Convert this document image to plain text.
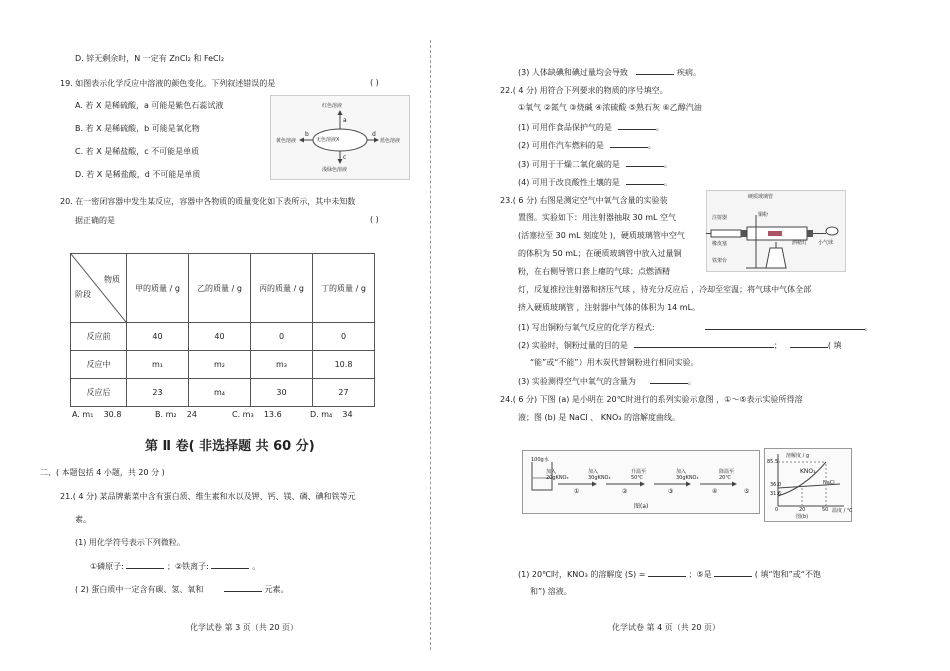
D. 锌无剩余时，N 一定有 ZnCl₂ 和 FeCl₂
19. 如图表示化学反应中溶液的颜色变化。下列叙述错误的是	( )
A. 若 X 是稀硫酸，a 可能是紫色石蕊试液
B. 若 X 是稀硫酸，b 可能是氧化物
C. 若 X 是稀盐酸，c 不可能是单质
D. 若 X 是稀盐酸，d 不可能是单质
无色溶液X
红色溶液
黄色溶液	蓝色溶液
浅绿色溶液
a
b
c
d
20. 在一密闭容器中发生某反应，容器中各物质的质量变化如下表所示，其中未知数
据正确的是	( )
物质
阶段	甲的质量 / g	乙的质量 / g	丙的质量 / g	丁的质量 / g
反应前	40	40	0	0
反应中	m₁	m₂	m₃	10.8
反应后	23	m₄	30	27
A. m₁ 30.8	B. m₂ 24	C. m₃ 13.6	D. m₄ 34
第 Ⅱ 卷( 非选择题 共 60 分)
二、( 本题包括 4 小题，共 20 分 )
21.( 4 分) 某品牌紫菜中含有蛋白质、维生素和水以及钾、钙、镁、磷、碘和铁等元
素。
(1) 用化学符号表示下列微粒。
①磷原子:	；②铁离子:	。
( 2) 蛋白质中一定含有碳、氢、氧和	元素。
化学试卷 第 3 页（共 20 页）
(3) 人体缺碘和碘过量均会导致	疾病。
22.( 4 分) 用符合下列要求的物质的序号填空。
①氧气 ②氮气 ③烧碱 ④浓硫酸 ⑤熟石灰 ⑥乙醇汽油
(1) 可用作食品保护气的是	。
(2) 可用作汽车燃料的是	。
(3) 可用于干燥二氧化碳的是	。
(4) 可用于改良酸性土壤的是	。
23.( 6 分) 右图是测定空气中氧气含量的实验装
置图。实验如下：用注射器抽取 30 mL 空气
(活塞拉至 30 mL 刻度处 )，硬质玻璃管中空气
的体积为 50 mL；在硬质玻璃管中放入过量铜
粉，在右侧导管口套上瘪的气球；点燃酒精
灯，反复推拉注射器和挤压气球 ，待充分反应后 ，冷却至室温；将气球中气体全部
挤入硬质玻璃管 ，注射器中气体的体积为 14 mL。
硬质玻璃管
铜粉
注射器
橡皮塞	酒精灯 小气球
铁架台
(1) 写出铜粉与氧气反应的化学方程式:	。
(2) 实验时，铜粉过量的目的是	；	( 填
“能”或“不能”）用木炭代替铜粉进行相同实验。
(3) 实验测得空气中氧气的含量为	。
24.( 6 分) 下图 (a) 是小明在 20℃时进行的系列实验示意图 ，①～⑤表示实验所得溶
液；图 (b) 是 NaCl 、 KNO₃ 的溶解度曲线。
100g水
加入
20gKNO₃
加入
30gKNO₃
升温至
50℃
加入
30gKNO₃
降温至
20℃
①	②	③	④	⑤
图(a)
溶解度 / g
85.5
36.0
31.6
KNO₃
NaCl
0	20	50 温度 / ℃
图(b)
(1) 20℃时，KNO₃ 的溶解度 (S) =	；⑤是	( 填“饱和”或“不饱
和”) 溶液。
化学试卷 第 4 页（共 20 页）
